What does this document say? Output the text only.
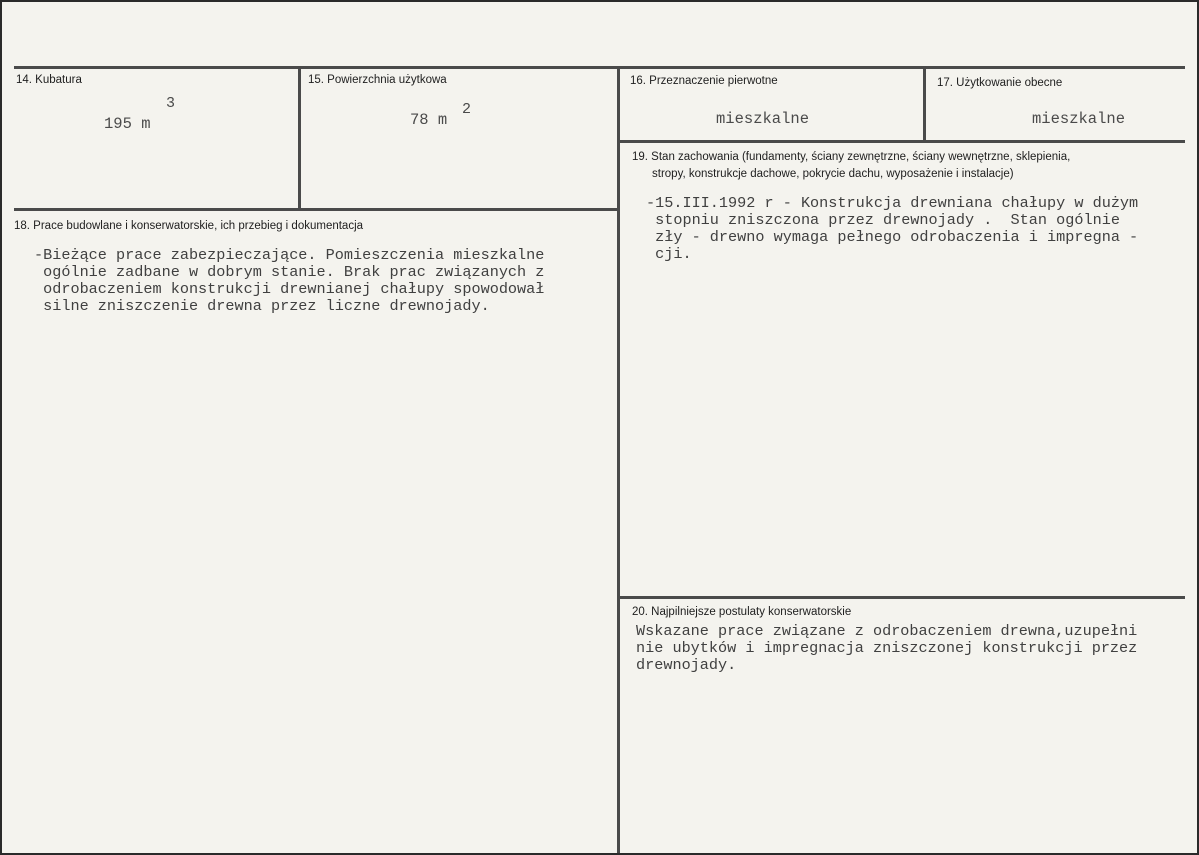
14. Kubatura
195 m
3
15. Powierzchnia użytkowa
78 m
2
16. Przeznaczenie pierwotne
mieszkalne
17. Użytkowanie obecne
mieszkalne
18. Prace budowlane i konserwatorskie, ich przebieg i dokumentacja
-Bieżące prace zabezpieczające. Pomieszczenia mieszkalne
ogólnie zadbane w dobrym stanie. Brak prac związanych z
odrobaczeniem konstrukcji drewnianej chałupy spowodował
silne zniszczenie drewna przez liczne drewnojady.
19. Stan zachowania (fundamenty, ściany zewnętrzne, ściany wewnętrzne, sklepienia,
stropy, konstrukcje dachowe, pokrycie dachu, wyposażenie i instalacje)
-15.III.1992 r - Konstrukcja drewniana chałupy w dużym
stopniu zniszczona przez drewnojady .  Stan ogólnie
zły - drewno wymaga pełnego odrobaczenia i impregna -
cji.
20. Najpilniejsze postulaty konserwatorskie
Wskazane prace związane z odrobaczeniem drewna,uzupełni
nie ubytków i impregnacja zniszczonej konstrukcji przez
drewnojady.
